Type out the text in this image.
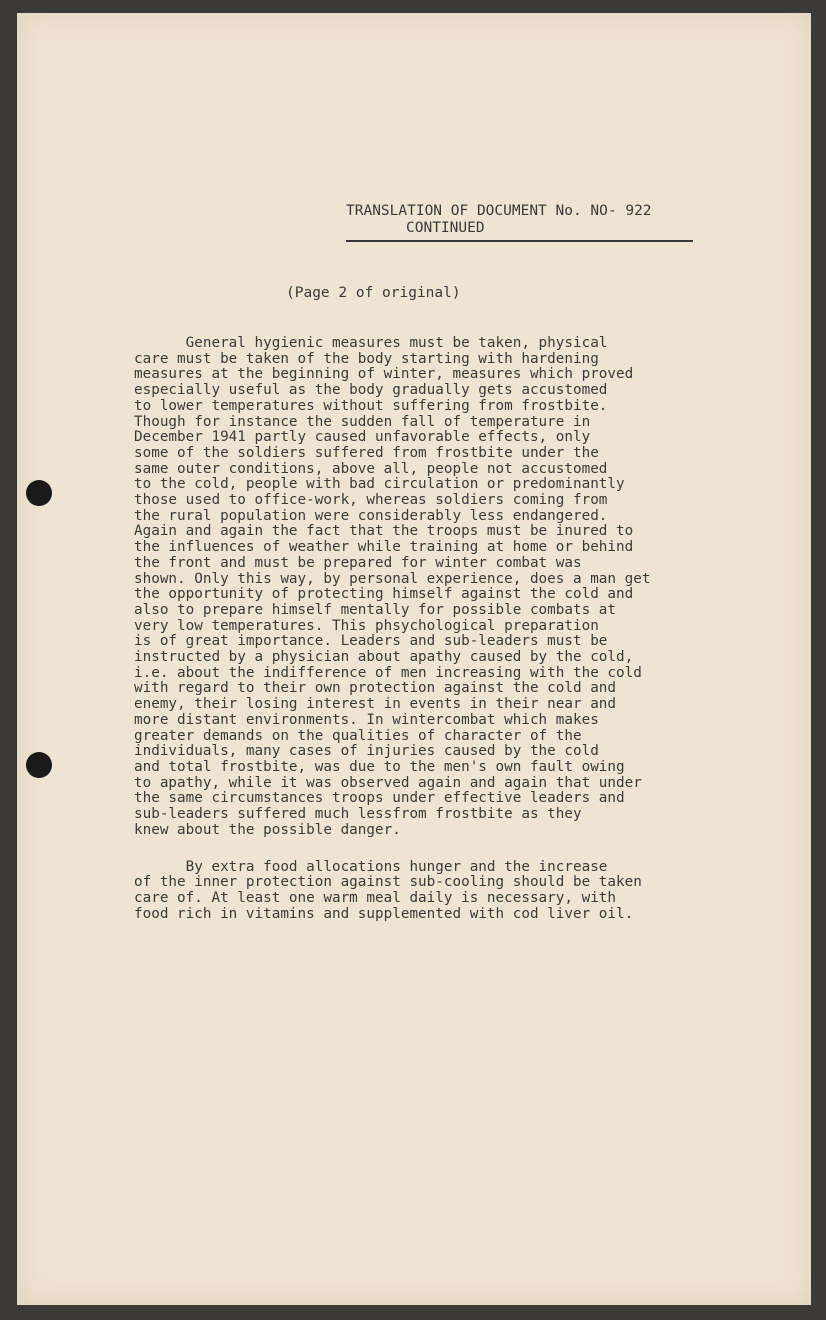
TRANSLATION OF DOCUMENT No. NO- 922
CONTINUED
(Page 2 of original)
General hygienic measures must be taken, physical
care must be taken of the body starting with hardening
measures at the beginning of winter, measures which proved
especially useful as the body gradually gets accustomed
to lower temperatures without suffering from frostbite.
Though for instance the sudden fall of temperature in
December 1941 partly caused unfavorable effects, only
some of the soldiers suffered from frostbite under the
same outer conditions, above all, people not accustomed
to the cold, people with bad circulation or predominantly
those used to office-work, whereas soldiers coming from
the rural population were considerably less endangered.
Again and again the fact that the troops must be inured to
the influences of weather while training at home or behind
the front and must be prepared for winter combat was
shown. Only this way, by personal experience, does a man get
the opportunity of protecting himself against the cold and
also to prepare himself mentally for possible combats at
very low temperatures. This phsychological preparation
is of great importance. Leaders and sub-leaders must be
instructed by a physician about apathy caused by the cold,
i.e. about the indifference of men increasing with the cold
with regard to their own protection against the cold and
enemy, their losing interest in events in their near and
more distant environments. In wintercombat which makes
greater demands on the qualities of character of the
individuals, many cases of injuries caused by the cold
and total frostbite, was due to the men's own fault owing
to apathy, while it was observed again and again that under
the same circumstances troops under effective leaders and
sub-leaders suffered much lessfrom frostbite as they
knew about the possible danger.
By extra food allocations hunger and the increase
of the inner protection against sub-cooling should be taken
care of. At least one warm meal daily is necessary, with
food rich in vitamins and supplemented with cod liver oil.
